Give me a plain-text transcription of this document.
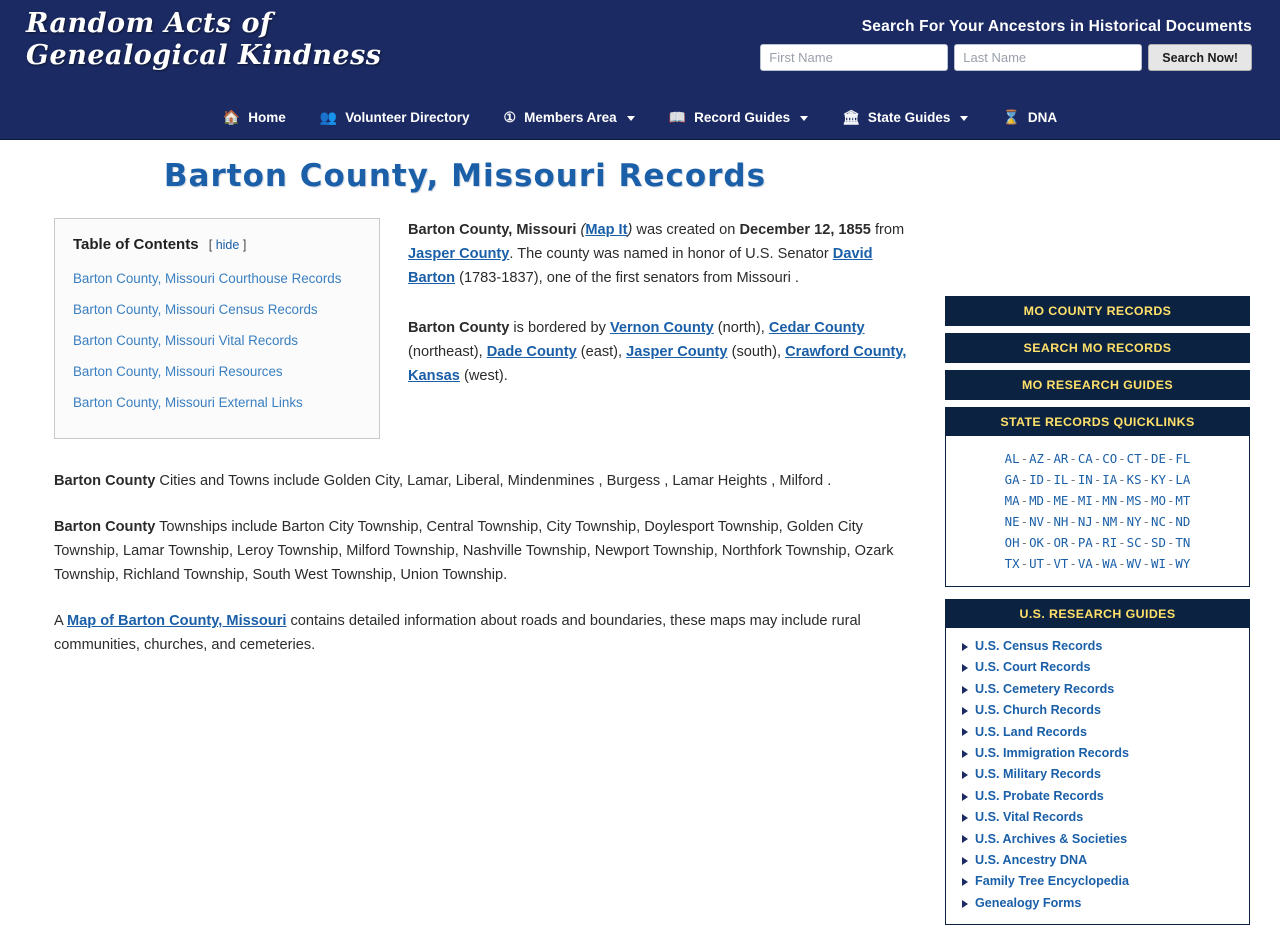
Random Acts of
Genealogical Kindness
Search For Your Ancestors in Historical Documents
First Name
Last Name
Search Now!
🏠 Home 👥 Volunteer Directory ① Members Area	📖 Record Guides	🏛 State Guides	⌛ DNA
Barton County, Missouri Records
Table of Contents [ hide ]
Barton County, Missouri Courthouse Records
Barton County, Missouri Census Records
Barton County, Missouri Vital Records
Barton County, Missouri Resources
Barton County, Missouri External Links

Barton County, Missouri (Map It) was created on December 12, 1855 from Jasper County. The county was named in honor of U.S. Senator David Barton (1783-1837), one of the first senators from Missouri .

Barton County is bordered by Vernon County (north), Cedar County (northeast), Dade County (east), Jasper County (south), Crawford County, Kansas (west).

Barton County Cities and Towns include Golden City, Lamar, Liberal, Mindenmines , Burgess , Lamar Heights , Milford .

Barton County Townships include Barton City Township, Central Township, City Township, Doylesport Township, Golden City Township, Lamar Township, Leroy Township, Milford Township, Nashville Township, Newport Township, Northfork Township, Ozark Township, Richland Township, South West Township, Union Township.

A Map of Barton County, Missouri contains detailed information about roads and boundaries, these maps may include rural communities, churches, and cemeteries.

MO COUNTY RECORDS
SEARCH MO RECORDS
MO RESEARCH GUIDES
STATE RECORDS QUICKLINKS
AL-AZ-AR-CA-CO-CT-DE-FL
GA-ID-IL-IN-IA-KS-KY-LA
MA-MD-ME-MI-MN-MS-MO-MT
NE-NV-NH-NJ-NM-NY-NC-ND
OH-OK-OR-PA-RI-SC-SD-TN
TX-UT-VT-VA-WA-WV-WI-WY
U.S. RESEARCH GUIDES
U.S. Census Records
U.S. Court Records
U.S. Cemetery Records
U.S. Church Records
U.S. Land Records
U.S. Immigration Records
U.S. Military Records
U.S. Probate Records
U.S. Vital Records
U.S. Archives & Societies
U.S. Ancestry DNA
Family Tree Encyclopedia
Genealogy Forms
